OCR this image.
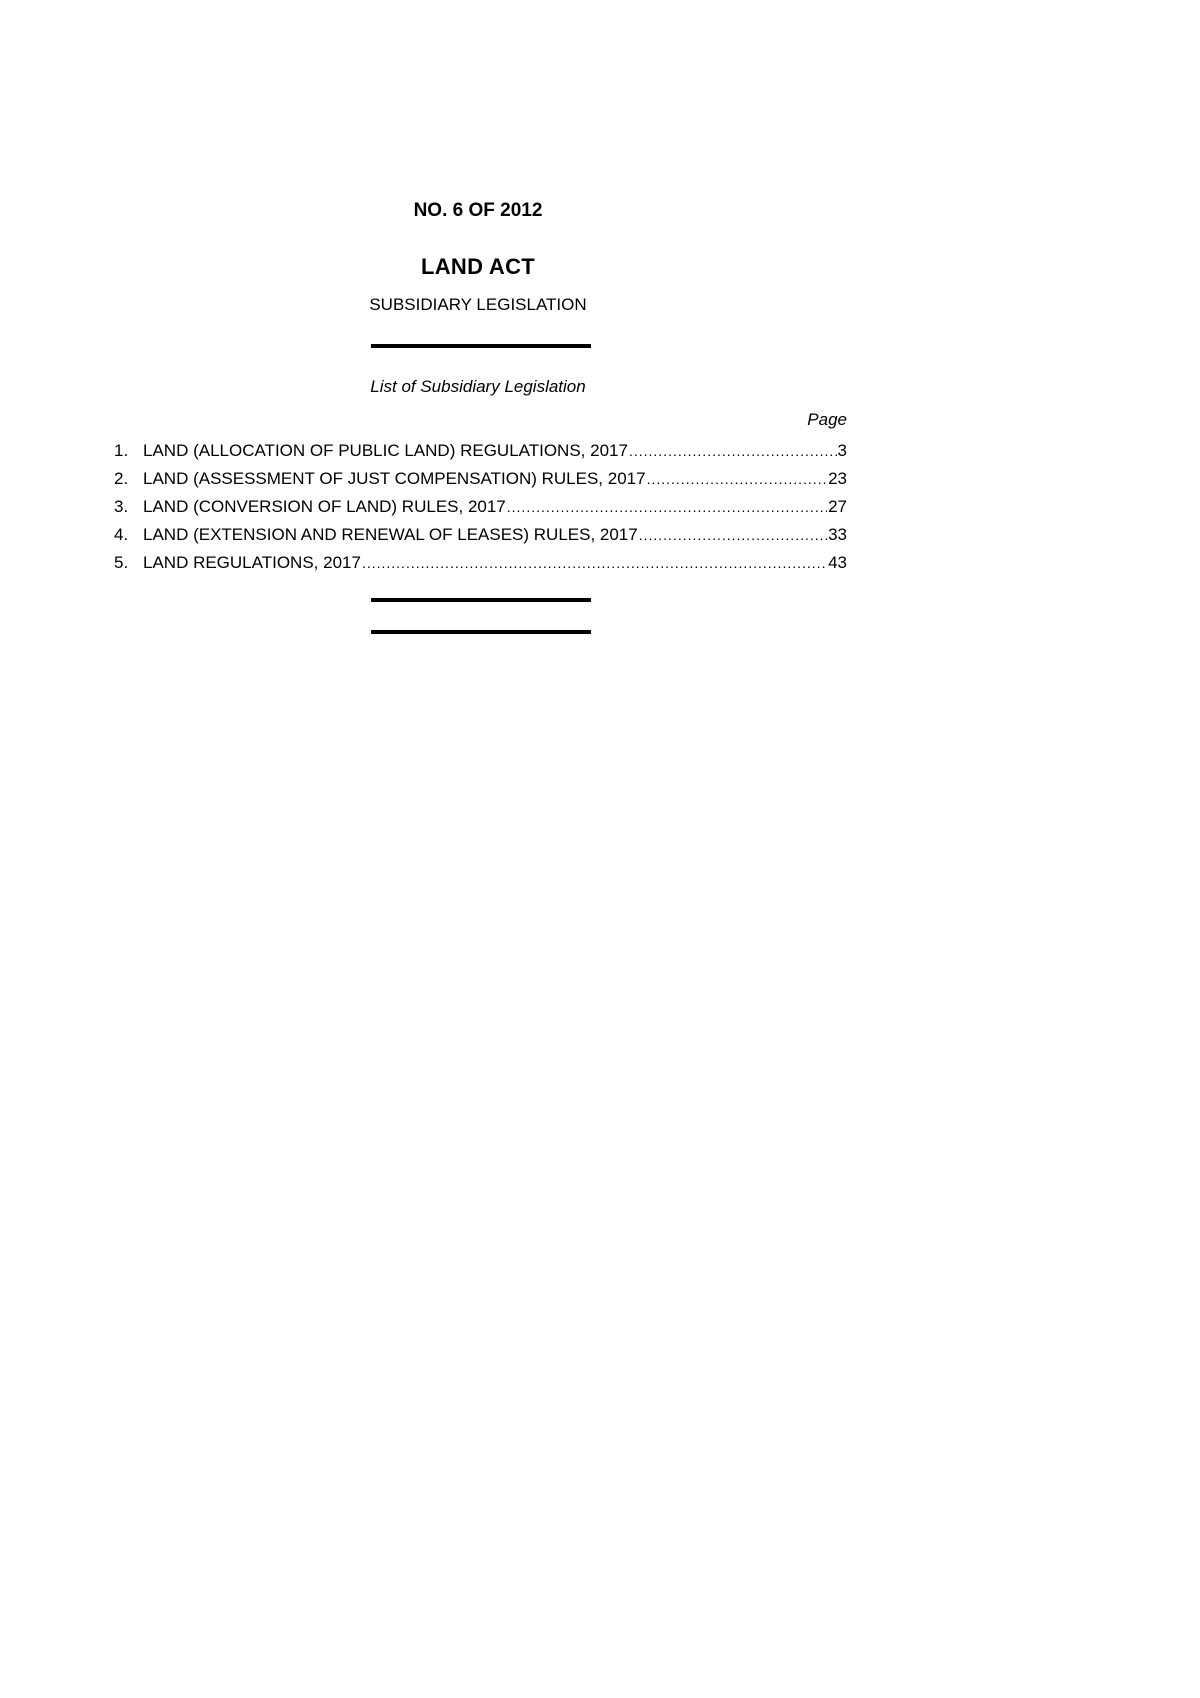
NO. 6 OF 2012
LAND ACT
SUBSIDIARY LEGISLATION
List of Subsidiary Legislation
Page
1. LAND (ALLOCATION OF PUBLIC LAND) REGULATIONS, 2017 .....	3
2. LAND (ASSESSMENT OF JUST COMPENSATION) RULES, 2017 .....	23
3. LAND (CONVERSION OF LAND) RULES, 2017 .....	27
4. LAND (EXTENSION AND RENEWAL OF LEASES) RULES, 2017 .....	33
5. LAND REGULATIONS, 2017 .....	43
